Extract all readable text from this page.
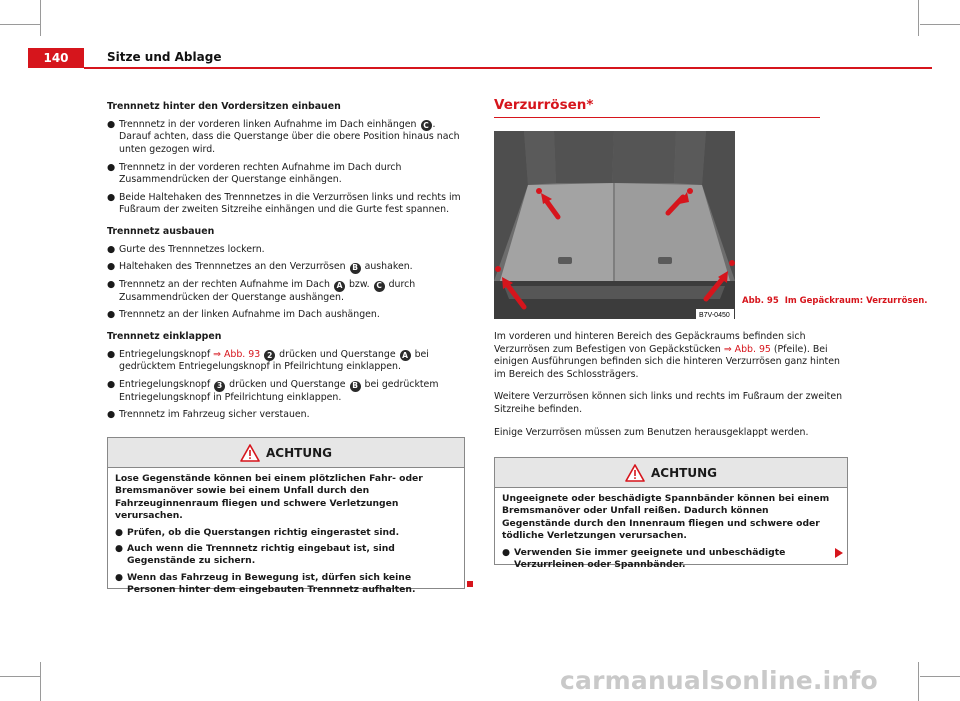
140	Sitze und Ablage

Trennnetz hinter den Vordersitzen einbauen

● Trennnetz in der vorderen linken Aufnahme im Dach einhängen C . Darauf achten, dass die Querstange über die obere Position hinaus nach unten gezogen wird.

● Trennnetz in der vorderen rechten Aufnahme im Dach durch Zusammendrücken der Querstange einhängen.

● Beide Haltehaken des Trennnetzes in die Verzurrösen links und rechts im Fußraum der zweiten Sitzreihe einhängen und die Gurte fest spannen.

Trennnetz ausbauen

● Gurte des Trennnetzes lockern.

● Haltehaken des Trennnetzes an den Verzurrösen B aushaken.

● Trennnetz an der rechten Aufnahme im Dach A bzw. C durch Zusammendrücken der Querstange aushängen.

● Trennnetz an der linken Aufnahme im Dach aushängen.

Trennnetz einklappen

● Entriegelungsknopf ⇒ Abb. 93 2 drücken und Querstange A bei gedrücktem Entriegelungsknopf in Pfeilrichtung einklappen.

● Entriegelungsknopf 3 drücken und Querstange B bei gedrücktem Entriegelungsknopf in Pfeilrichtung einklappen.

● Trennnetz im Fahrzeug sicher verstauen.

ACHTUNG

Lose Gegenstände können bei einem plötzlichen Fahr- oder Bremsmanöver sowie bei einem Unfall durch den Fahrzeuginnenraum fliegen und schwere Verletzungen verursachen.

● Prüfen, ob die Querstangen richtig eingerastet sind.

● Auch wenn die Trennnetz richtig eingebaut ist, sind Gegenstände zu sichern.

● Wenn das Fahrzeug in Bewegung ist, dürfen sich keine Personen hinter dem eingebauten Trennnetz aufhalten.

Verzurrösen*
B7V-0450
Abb. 95 Im Gepäckraum: Verzurrösen.

Im vorderen und hinteren Bereich des Gepäckraums befinden sich Verzurrösen zum Befestigen von Gepäckstücken ⇒ Abb. 95 (Pfeile). Bei einigen Ausführungen befinden sich die hinteren Verzurrösen ganz hinten im Bereich des Schlossträgers.

Weitere Verzurrösen können sich links und rechts im Fußraum der zweiten Sitzreihe befinden.

Einige Verzurrösen müssen zum Benutzen herausgeklappt werden.

ACHTUNG

Ungeeignete oder beschädigte Spannbänder können bei einem Bremsmanöver oder Unfall reißen. Dadurch können Gegenstände durch den Innenraum fliegen und schwere oder tödliche Verletzungen verursachen.

● Verwenden Sie immer geeignete und unbeschädigte Verzurrleinen oder Spannbänder.

carmanualsonline.info
